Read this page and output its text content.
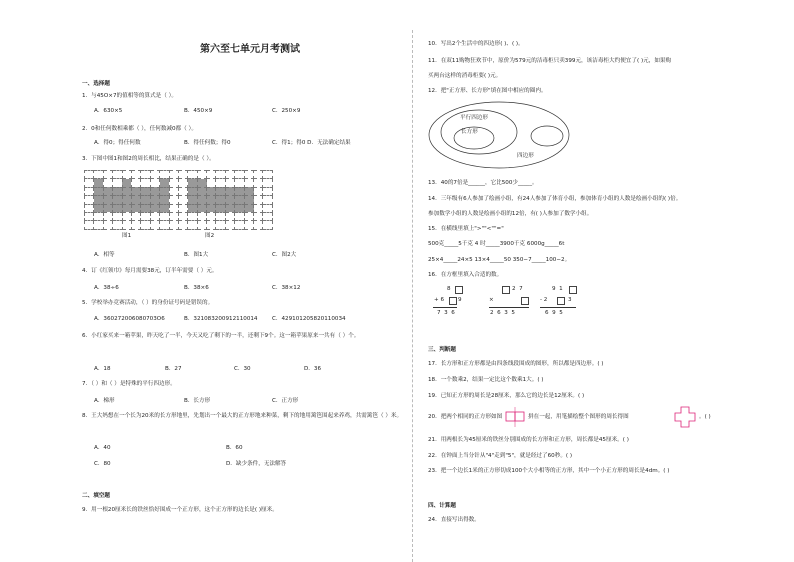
第六至七单元月考测试
一、选择题
1．与45O×7的值相等的算式是（ ）。
A．630×5	B．450×9	C．250×9
2．0和任何数相乘都（ ），任何数减0都（ ）。
A．得0；得任何数	B．得任何数；得0	C．得1；得0 D．无法确定结果
3．下图中图1和图2的周长相比，结果正确的是（ ）。

图1	图2
A．相等	B．图1大	C．图2大
4．订《红领巾》每月需要38元，订半年需要（ ）元。
A．38÷6	B．38×6	C．38×12
5．学校举办竞赛活动，（ ）的身份证号码是错误的。
A．360272006080703O6	B．321083200912110014	C．429101205820110034
6．小红家买来一箱苹果，昨天吃了一半，今天又吃了剩下的一半，还剩下9个。这一箱苹果原来一共有（ ）个。
A．18	B．27	C．30	D．36
7．（ ）和（ ）是特殊的平行四边形。
A．梯形	B．长方形	C．正方形
8．王大妈想在一个长为20米的长方形地里，先划出一个最大的正方形地来种菜，剩下的地用篱笆围起来养鸡，共需篱笆（ ）米。
A．40	B．60
C．80	D．缺少条件，无法解答
二、填空题
9．用一根20厘米长的铁丝恰好围成一个正方形，这个正方形的边长是( )厘米。
10．写出2个生活中的四边形( )、( )。
11．在双11购物狂欢节中，原价为579元的洁毒柜只卖399元，该洁毒柜大约便宜了( )元，如果购
买两台这样的消毒柜要( )元。
12．把"正方形、长方形"填在图中相应的圈内。
平行四边形
长方形
四边形
13．40的7倍是______，它比500少_____。
14．三年级有6人参加了绘画小组，有24人参加了体育小组，参加体育小组的人数是绘画小组的( )倍。
参加数学小组的人数是绘画小组的12倍，有( )人参加了数学小组。
15．在横线里填上">""<""="
500克_____5千克 4 时_____3900千克 6000g_____6t
25×4_____24×5 13×4_____50 350−7_____100−2。
16．在方框里填入合适的数。
8
+ 6 9
7  3  6
2  7
×
2  6  3  5
9  1
- 2	3
6  9  5
三、判断题
17．长方形和正方形都是由四条线段围成的图形，所以都是四边形。( )
18．一个数乘2，结果一定比这个数乘1大。( )
19．已知正方形的周长是28厘米，那么它的边长是12厘米。( )
20．把两个相同的正方形如图	拼在一起，用笔描绘整个图形的周长得图	。( )
21．用两根长为45厘米的铁丝分别围成的长方形和正方形，周长都是45厘米。( )
22．在钟面上当分针从"4"走到"5"，就是经过了60秒。( )
23．把一个边长1米的正方形切成100个大小相等的正方形，其中一个小正方形的周长是4dm。( )
四、计算题
24．直接写出得数。
